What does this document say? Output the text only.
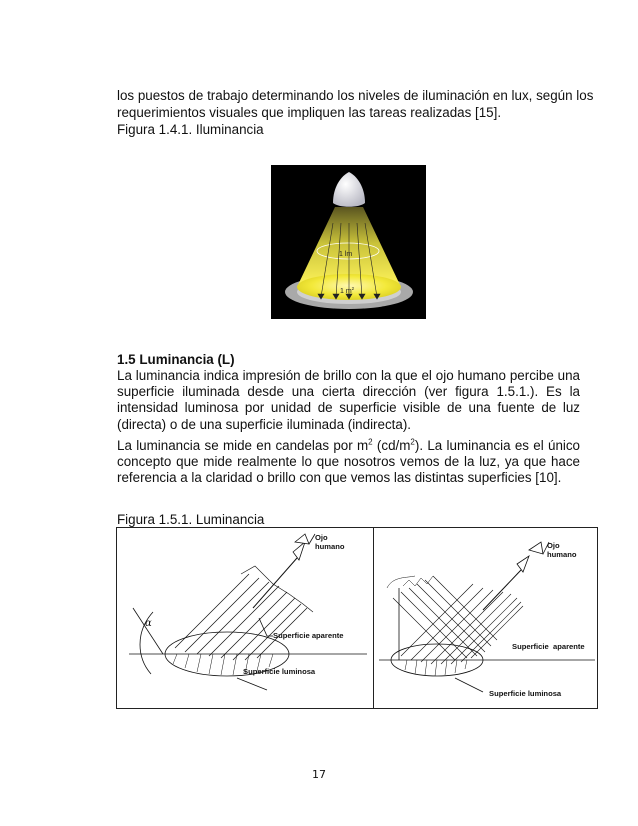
los puestos de trabajo determinando los niveles de iluminación en lux, según los
requerimientos visuales que impliquen las tareas realizadas [15].
Figura 1.4.1. Iluminancia
1 lm
1 $m^2$
1.5 Luminancia (L)
La luminancia indica impresión de brillo con la que el ojo humano percibe una superficie iluminada desde una cierta dirección (ver figura 1.5.1.). Es la intensidad luminosa por unidad de superficie visible de una fuente de luz (directa) o de una superficie iluminada (indirecta).
La luminancia se mide en candelas por $m^2$ $(cd/m^2)$. La luminancia es el único concepto que mide realmente lo que nosotros vemos de la luz, ya que hace referencia a la claridad o brillo con que vemos las distintas superficies [10].
Figura 1.5.1. Luminancia
Ojo
humano
Superficie aparente
Superficie luminosa
α
Ojo
humano
Superficie aparente
Superficie luminosa
17
